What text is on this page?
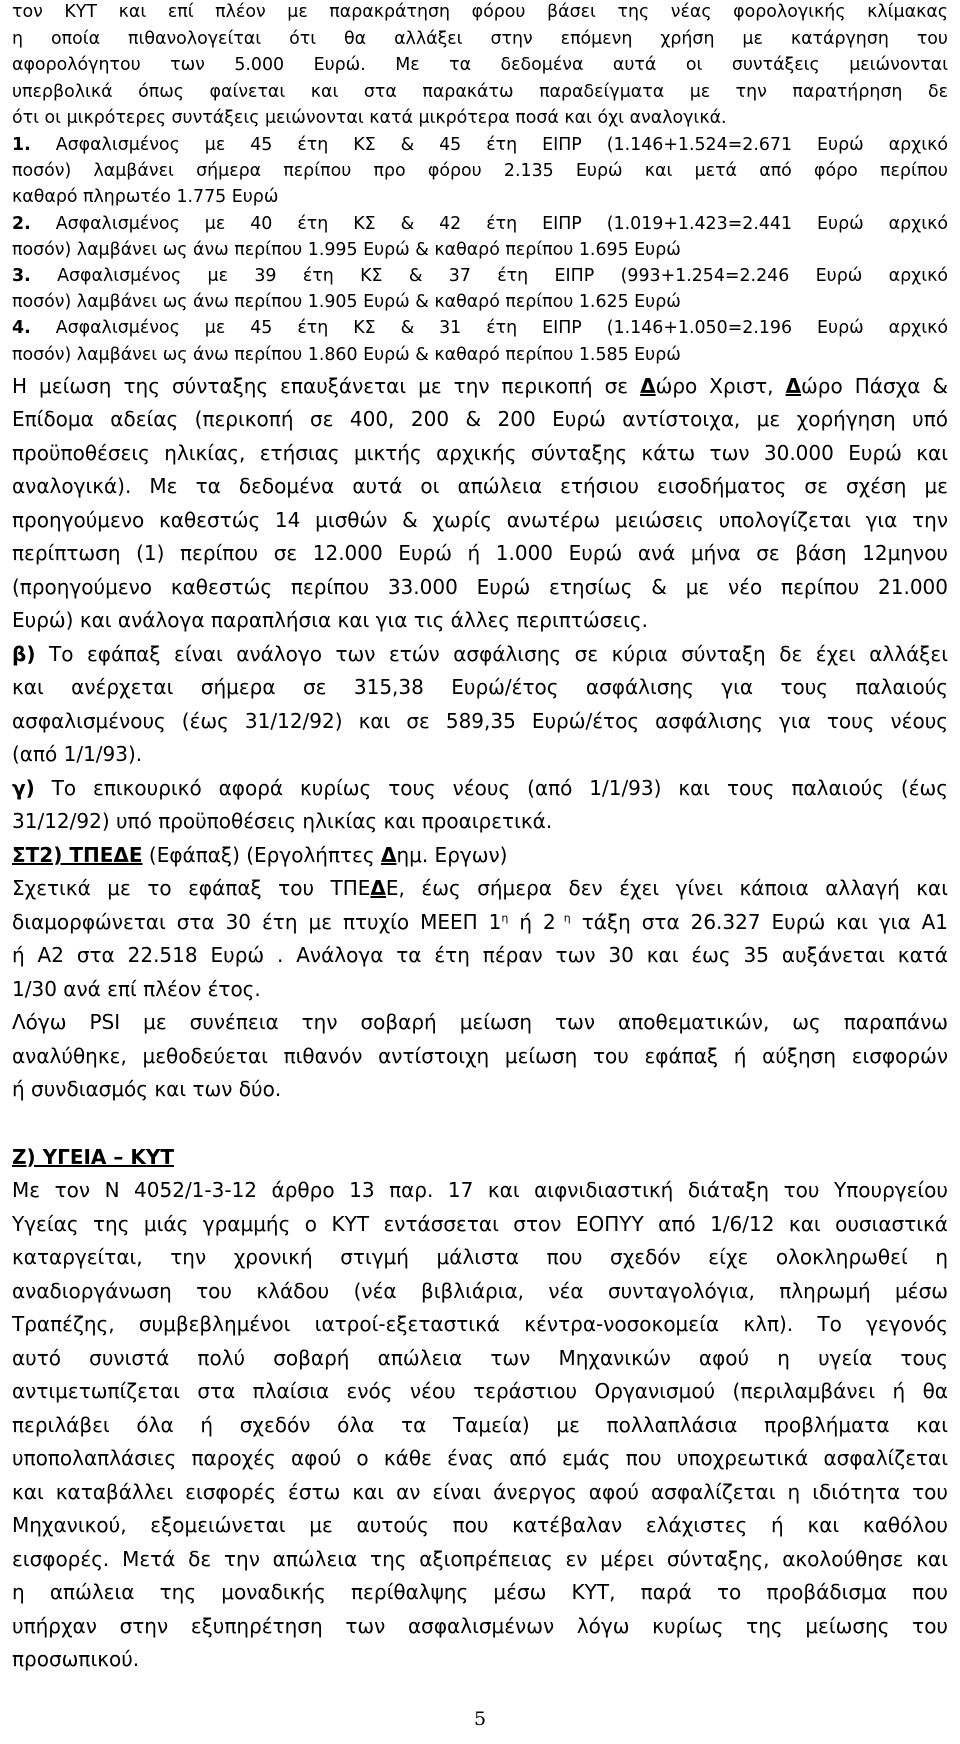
τον ΚΥΤ και επί πλέον με παρακράτηση φόρου βάσει της νέας φορολογικής κλίμακας
η οποία πιθανολογείται ότι θα αλλάξει στην επόμενη χρήση με κατάργηση του
αφορολόγητου των 5.000 Ευρώ. Με τα δεδομένα αυτά οι συντάξεις μειώνονται
υπερβολικά όπως φαίνεται και στα παρακάτω παραδείγματα με την παρατήρηση δε
ότι οι μικρότερες συντάξεις μειώνονται κατά μικρότερα ποσά και όχι αναλογικά.
1. Ασφαλισμένος με 45 έτη ΚΣ & 45 έτη ΕΙΠΡ (1.146+1.524=2.671 Ευρώ αρχικό
ποσόν) λαμβάνει σήμερα περίπου προ φόρου 2.135 Ευρώ και μετά από φόρο περίπου
καθαρό πληρωτέο 1.775 Ευρώ
2. Ασφαλισμένος με 40 έτη ΚΣ & 42 έτη ΕΙΠΡ (1.019+1.423=2.441 Ευρώ αρχικό
ποσόν) λαμβάνει ως άνω περίπου 1.995 Ευρώ & καθαρό περίπου 1.695 Ευρώ
3. Ασφαλισμένος με 39 έτη ΚΣ & 37 έτη ΕΙΠΡ (993+1.254=2.246 Ευρώ αρχικό
ποσόν) λαμβάνει ως άνω περίπου 1.905 Ευρώ & καθαρό περίπου 1.625 Ευρώ
4. Ασφαλισμένος με 45 έτη ΚΣ & 31 έτη ΕΙΠΡ (1.146+1.050=2.196 Ευρώ αρχικό
ποσόν) λαμβάνει ως άνω περίπου 1.860 Ευρώ & καθαρό περίπου 1.585 Ευρώ
Η μείωση της σύνταξης επαυξάνεται με την περικοπή σε Δώρο Χριστ, Δώρο Πάσχα &
Επίδομα αδείας (περικοπή σε 400, 200 & 200 Ευρώ αντίστοιχα, με χορήγηση υπό
προϋποθέσεις ηλικίας, ετήσιας μικτής αρχικής σύνταξης κάτω των 30.000 Ευρώ και
αναλογικά). Με τα δεδομένα αυτά οι απώλεια ετήσιου εισοδήματος σε σχέση με
προηγούμενο καθεστώς 14 μισθών & χωρίς ανωτέρω μειώσεις υπολογίζεται για την
περίπτωση (1) περίπου σε 12.000 Ευρώ ή 1.000 Ευρώ ανά μήνα σε βάση 12μηνου
(προηγούμενο καθεστώς περίπου 33.000 Ευρώ ετησίως & με νέο περίπου 21.000
Ευρώ) και ανάλογα παραπλήσια και για τις άλλες περιπτώσεις.
β) Το εφάπαξ είναι ανάλογο των ετών ασφάλισης σε κύρια σύνταξη δε έχει αλλάξει
και ανέρχεται σήμερα σε 315,38 Ευρώ/έτος ασφάλισης για τους παλαιούς
ασφαλισμένους (έως 31/12/92) και σε 589,35 Ευρώ/έτος ασφάλισης για τους νέους
(από 1/1/93).
γ) Το επικουρικό αφορά κυρίως τους νέους (από 1/1/93) και τους παλαιούς (έως
31/12/92) υπό προϋποθέσεις ηλικίας και προαιρετικά.
ΣΤ2) ΤΠΕΔΕ (Εφάπαξ) (Εργολήπτες Δημ. Εργων)
Σχετικά με το εφάπαξ του ΤΠΕΔΕ, έως σήμερα δεν έχει γίνει κάποια αλλαγή και
διαμορφώνεται στα 30 έτη με πτυχίο ΜΕΕΠ $1^\eta$ ή 2 $^\eta$ τάξη στα 26.327 Ευρώ και για Α1
ή Α2 στα 22.518 Ευρώ . Ανάλογα τα έτη πέραν των 30 και έως 35 αυξάνεται κατά
1/30 ανά επί πλέον έτος.
Λόγω PSI με συνέπεια την σοβαρή μείωση των αποθεματικών, ως παραπάνω
αναλύθηκε, μεθοδεύεται πιθανόν αντίστοιχη μείωση του εφάπαξ ή αύξηση εισφορών
ή συνδιασμός και των δύο.
Ζ) ΥΓΕΙΑ – ΚΥΤ
Με τον Ν 4052/1-3-12 άρθρο 13 παρ. 17 και αιφνιδιαστική διάταξη του Υπουργείου
Υγείας της μιάς γραμμής ο ΚΥΤ εντάσσεται στον ΕΟΠΥΥ από 1/6/12 και ουσιαστικά
καταργείται, την χρονική στιγμή μάλιστα που σχεδόν είχε ολοκληρωθεί η
αναδιοργάνωση του κλάδου (νέα βιβλιάρια, νέα συνταγολόγια, πληρωμή μέσω
Τραπέζης, συμβεβλημένοι ιατροί-εξεταστικά κέντρα-νοσοκομεία κλπ). Το γεγονός
αυτό συνιστά πολύ σοβαρή απώλεια των Μηχανικών αφού η υγεία τους
αντιμετωπίζεται στα πλαίσια ενός νέου τεράστιου Οργανισμού (περιλαμβάνει ή θα
περιλάβει όλα ή σχεδόν όλα τα Ταμεία) με πολλαπλάσια προβλήματα και
υποπολαπλάσιες παροχές αφού ο κάθε ένας από εμάς που υποχρεωτικά ασφαλίζεται
και καταβάλλει εισφορές έστω και αν είναι άνεργος αφού ασφαλίζεται η ιδιότητα του
Μηχανικού, εξομειώνεται με αυτούς που κατέβαλαν ελάχιστες ή και καθόλου
εισφορές. Μετά δε την απώλεια της αξιοπρέπειας εν μέρει σύνταξης, ακολούθησε και
η απώλεια της μοναδικής περίθαλψης μέσω ΚΥΤ, παρά το προβάδισμα που
υπήρχαν στην εξυπηρέτηση των ασφαλισμένων λόγω κυρίως της μείωσης του
προσωπικού.
5
